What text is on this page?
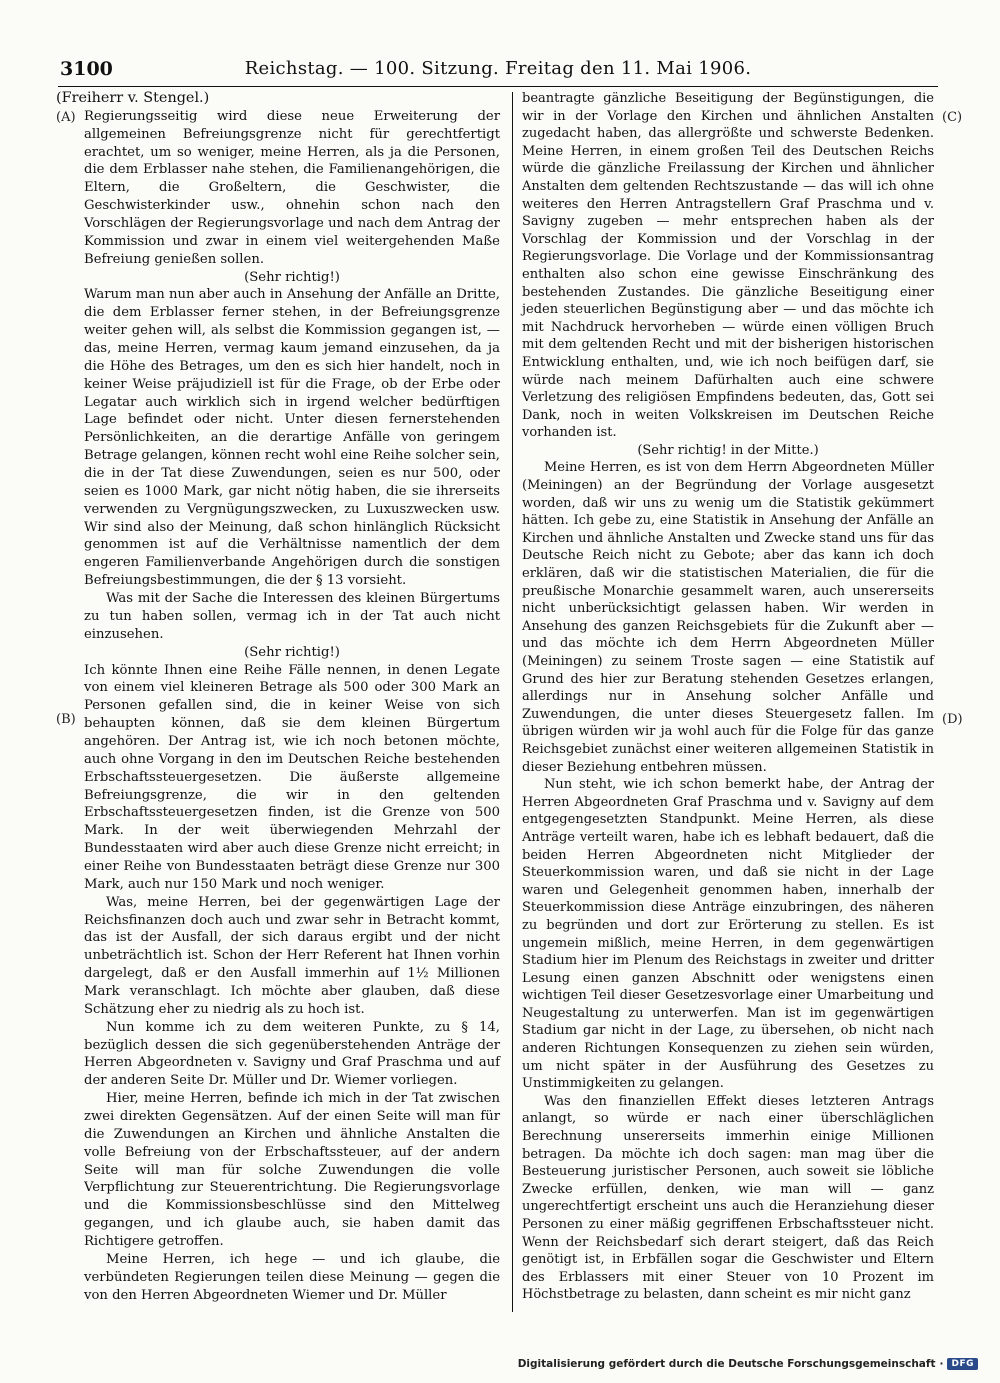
3100	Reichstag. — 100. Sitzung. Freitag den 11. Mai 1906.
(A)
(B)
(C)
(D)

(Freiherr v. Stengel.)

Regierungsseitig wird diese neue Erweiterung der allgemeinen Befreiungsgrenze nicht für gerechtfertigt erachtet, um so weniger, meine Herren, als ja die Personen, die dem Erblasser nahe stehen, die Familienangehörigen, die Eltern, die Großeltern, die Geschwister, die Geschwisterkinder usw., ohnehin schon nach den Vorschlägen der Regierungsvorlage und nach dem Antrag der Kommission und zwar in einem viel weitergehenden Maße Befreiung genießen sollen.

(Sehr richtig!)

Warum man nun aber auch in Ansehung der Anfälle an Dritte, die dem Erblasser ferner stehen, in der Befreiungsgrenze weiter gehen will, als selbst die Kommission gegangen ist, — das, meine Herren, vermag kaum jemand einzusehen, da ja die Höhe des Betrages, um den es sich hier handelt, noch in keiner Weise präjudiziell ist für die Frage, ob der Erbe oder Legatar auch wirklich sich in irgend welcher bedürftigen Lage befindet oder nicht. Unter diesen fernerstehenden Persönlichkeiten, an die derartige Anfälle von geringem Betrage gelangen, können recht wohl eine Reihe solcher sein, die in der Tat diese Zuwendungen, seien es nur 500, oder seien es 1000 Mark, gar nicht nötig haben, die sie ihrerseits verwenden zu Vergnügungszwecken, zu Luxuszwecken usw. Wir sind also der Meinung, daß schon hinlänglich Rücksicht genommen ist auf die Verhältnisse namentlich der dem engeren Familienverbande Angehörigen durch die sonstigen Befreiungsbestimmungen, die der § 13 vorsieht.

Was mit der Sache die Interessen des kleinen Bürgertums zu tun haben sollen, vermag ich in der Tat auch nicht einzusehen.

(Sehr richtig!)

Ich könnte Ihnen eine Reihe Fälle nennen, in denen Legate von einem viel kleineren Betrage als 500 oder 300 Mark an Personen gefallen sind, die in keiner Weise von sich behaupten können, daß sie dem kleinen Bürgertum angehören. Der Antrag ist, wie ich noch betonen möchte, auch ohne Vorgang in den im Deutschen Reiche bestehenden Erbschaftssteuergesetzen. Die äußerste allgemeine Befreiungsgrenze, die wir in den geltenden Erbschaftssteuergesetzen finden, ist die Grenze von 500 Mark. In der weit überwiegenden Mehrzahl der Bundesstaaten wird aber auch diese Grenze nicht erreicht; in einer Reihe von Bundesstaaten beträgt diese Grenze nur 300 Mark, auch nur 150 Mark und noch weniger.

Was, meine Herren, bei der gegenwärtigen Lage der Reichsfinanzen doch auch und zwar sehr in Betracht kommt, das ist der Ausfall, der sich daraus ergibt und der nicht unbeträchtlich ist. Schon der Herr Referent hat Ihnen vorhin dargelegt, daß er den Ausfall immerhin auf 1½ Millionen Mark veranschlagt. Ich möchte aber glauben, daß diese Schätzung eher zu niedrig als zu hoch ist.

Nun komme ich zu dem weiteren Punkte, zu § 14, bezüglich dessen die sich gegenüberstehenden Anträge der Herren Abgeordneten v. Savigny und Graf Praschma und auf der anderen Seite Dr. Müller und Dr. Wiemer vorliegen.

Hier, meine Herren, befinde ich mich in der Tat zwischen zwei direkten Gegensätzen. Auf der einen Seite will man für die Zuwendungen an Kirchen und ähnliche Anstalten die volle Befreiung von der Erbschaftssteuer, auf der andern Seite will man für solche Zuwendungen die volle Verpflichtung zur Steuerentrichtung. Die Regierungsvorlage und die Kommissionsbeschlüsse sind den Mittelweg gegangen, und ich glaube auch, sie haben damit das Richtigere getroffen.

Meine Herren, ich hege — und ich glaube, die verbündeten Regierungen teilen diese Meinung — gegen die von den Herren Abgeordneten Wiemer und Dr. Müller

beantragte gänzliche Beseitigung der Begünstigungen, die wir in der Vorlage den Kirchen und ähnlichen Anstalten zugedacht haben, das allergrößte und schwerste Bedenken. Meine Herren, in einem großen Teil des Deutschen Reichs würde die gänzliche Freilassung der Kirchen und ähnlicher Anstalten dem geltenden Rechtszustande — das will ich ohne weiteres den Herren Antragstellern Graf Praschma und v. Savigny zugeben — mehr entsprechen haben als der Vorschlag der Kommission und der Vorschlag in der Regierungsvorlage. Die Vorlage und der Kommissionsantrag enthalten also schon eine gewisse Einschränkung des bestehenden Zustandes. Die gänzliche Beseitigung einer jeden steuerlichen Begünstigung aber — und das möchte ich mit Nachdruck hervorheben — würde einen völligen Bruch mit dem geltenden Recht und mit der bisherigen historischen Entwicklung enthalten, und, wie ich noch beifügen darf, sie würde nach meinem Dafürhalten auch eine schwere Verletzung des religiösen Empfindens bedeuten, das, Gott sei Dank, noch in weiten Volkskreisen im Deutschen Reiche vorhanden ist.

(Sehr richtig! in der Mitte.)

Meine Herren, es ist von dem Herrn Abgeordneten Müller (Meiningen) an der Begründung der Vorlage ausgesetzt worden, daß wir uns zu wenig um die Statistik gekümmert hätten. Ich gebe zu, eine Statistik in Ansehung der Anfälle an Kirchen und ähnliche Anstalten und Zwecke stand uns für das Deutsche Reich nicht zu Gebote; aber das kann ich doch erklären, daß wir die statistischen Materialien, die für die preußische Monarchie gesammelt waren, auch unsererseits nicht unberücksichtigt gelassen haben. Wir werden in Ansehung des ganzen Reichsgebiets für die Zukunft aber — und das möchte ich dem Herrn Abgeordneten Müller (Meiningen) zu seinem Troste sagen — eine Statistik auf Grund des hier zur Beratung stehenden Gesetzes erlangen, allerdings nur in Ansehung solcher Anfälle und Zuwendungen, die unter dieses Steuergesetz fallen. Im übrigen würden wir ja wohl auch für die Folge für das ganze Reichsgebiet zunächst einer weiteren allgemeinen Statistik in dieser Beziehung entbehren müssen.

Nun steht, wie ich schon bemerkt habe, der Antrag der Herren Abgeordneten Graf Praschma und v. Savigny auf dem entgegengesetzten Standpunkt. Meine Herren, als diese Anträge verteilt waren, habe ich es lebhaft bedauert, daß die beiden Herren Abgeordneten nicht Mitglieder der Steuerkommission waren, und daß sie nicht in der Lage waren und Gelegenheit genommen haben, innerhalb der Steuerkommission diese Anträge einzubringen, des näheren zu begründen und dort zur Erörterung zu stellen. Es ist ungemein mißlich, meine Herren, in dem gegenwärtigen Stadium hier im Plenum des Reichstags in zweiter und dritter Lesung einen ganzen Abschnitt oder wenigstens einen wichtigen Teil dieser Gesetzesvorlage einer Umarbeitung und Neugestaltung zu unterwerfen. Man ist im gegenwärtigen Stadium gar nicht in der Lage, zu übersehen, ob nicht nach anderen Richtungen Konsequenzen zu ziehen sein würden, um nicht später in der Ausführung des Gesetzes zu Unstimmigkeiten zu gelangen.

Was den finanziellen Effekt dieses letzteren Antrags anlangt, so würde er nach einer überschläglichen Berechnung unsererseits immerhin einige Millionen betragen. Da möchte ich doch sagen: man mag über die Besteuerung juristischer Personen, auch soweit sie löbliche Zwecke erfüllen, denken, wie man will — ganz ungerechtfertigt erscheint uns auch die Heranziehung dieser Personen zu einer mäßig gegriffenen Erbschaftssteuer nicht. Wenn der Reichsbedarf sich derart steigert, daß das Reich genötigt ist, in Erbfällen sogar die Geschwister und Eltern des Erblassers mit einer Steuer von 10 Prozent im Höchstbetrage zu belasten, dann scheint es mir nicht ganz

Digitalisierung gefördert durch die Deutsche Forschungsgemeinschaft · DFG
